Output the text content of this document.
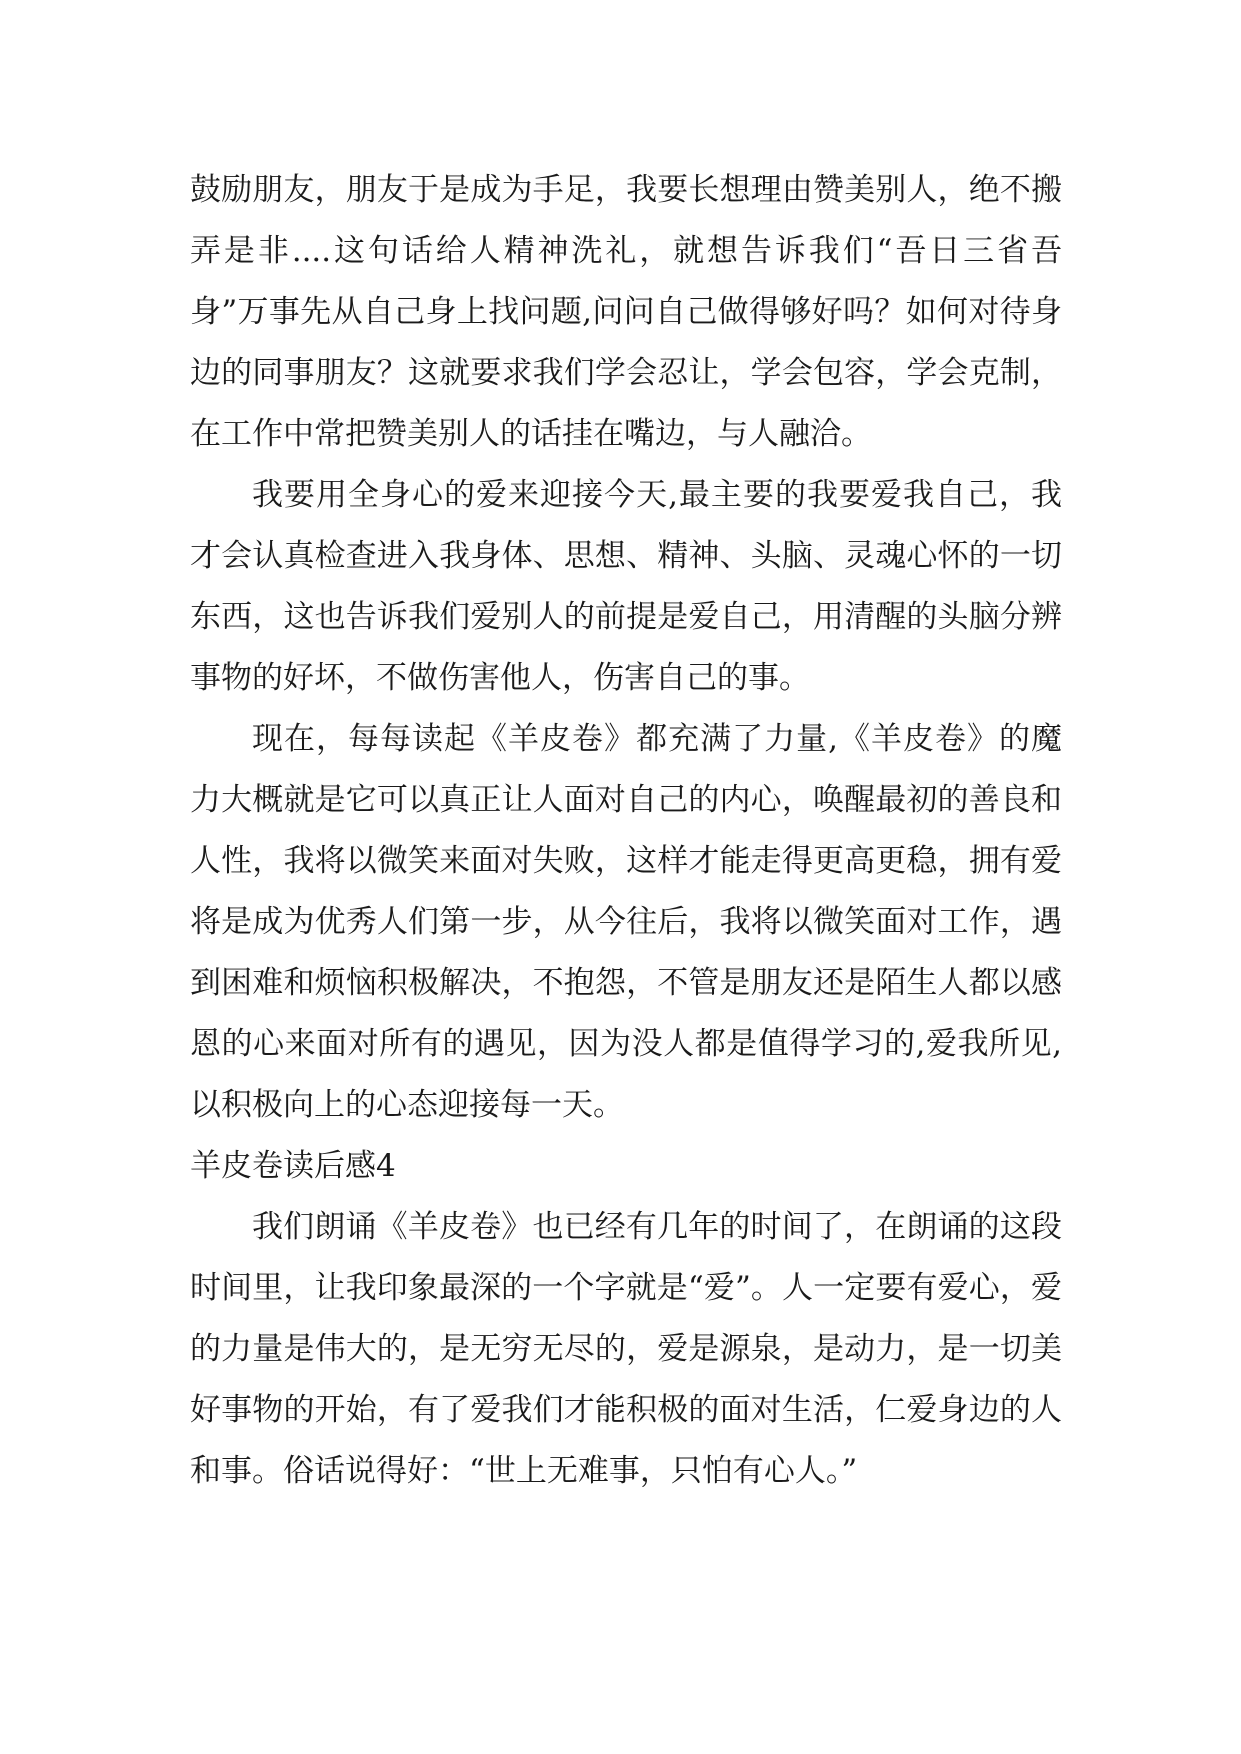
鼓励朋友，朋友于是成为手足，我要长想理由赞美别人，绝不搬弄是非....这句话给人精神洗礼，就想告诉我们“吾日三省吾身”万事先从自己身上找问题,问问自己做得够好吗？如何对待身边的同事朋友？这就要求我们学会忍让，学会包容，学会克制，在工作中常把赞美别人的话挂在嘴边，与人融洽。

我要用全身心的爱来迎接今天,最主要的我要爱我自己，我才会认真检查进入我身体、思想、精神、头脑、灵魂心怀的一切东西，这也告诉我们爱别人的前提是爱自己，用清醒的头脑分辨事物的好坏，不做伤害他人，伤害自己的事。

现在，每每读起《羊皮卷》都充满了力量,《羊皮卷》的魔力大概就是它可以真正让人面对自己的内心，唤醒最初的善良和人性，我将以微笑来面对失败，这样才能走得更高更稳，拥有爱将是成为优秀人们第一步，从今往后，我将以微笑面对工作，遇到困难和烦恼积极解决，不抱怨，不管是朋友还是陌生人都以感恩的心来面对所有的遇见，因为没人都是值得学习的,爱我所见,以积极向上的心态迎接每一天。

羊皮卷读后感4

我们朗诵《羊皮卷》也已经有几年的时间了，在朗诵的这段时间里，让我印象最深的一个字就是“爱”。人一定要有爱心，爱的力量是伟大的，是无穷无尽的，爱是源泉，是动力，是一切美好事物的开始，有了爱我们才能积极的面对生活，仁爱身边的人和事。俗话说得好：“世上无难事，只怕有心人。”
